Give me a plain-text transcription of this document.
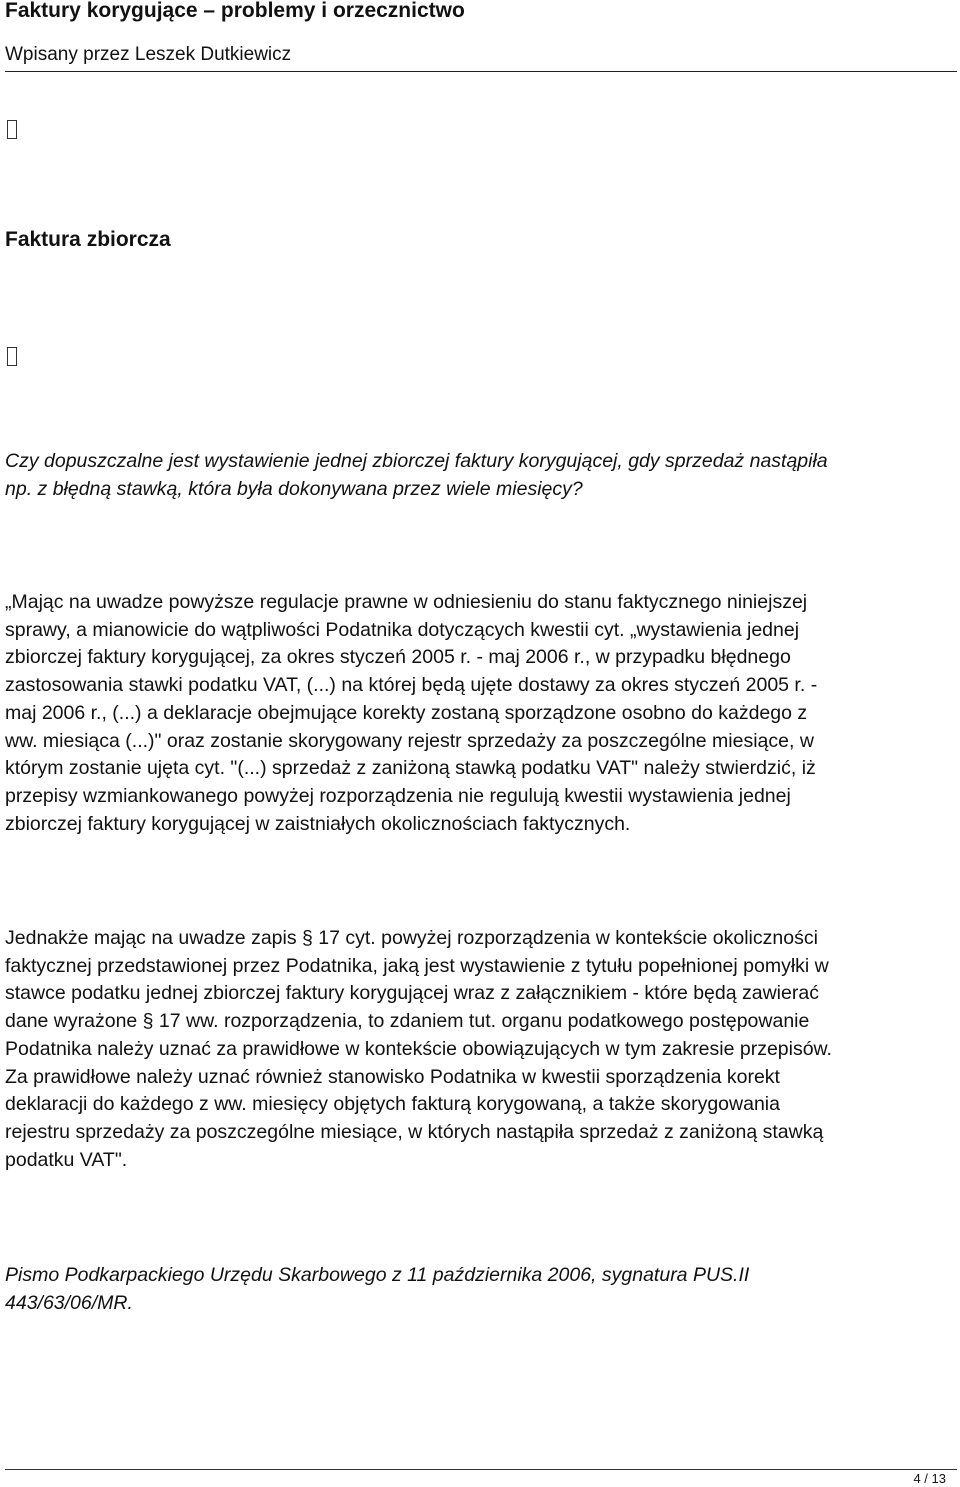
Faktury korygujące – problemy i orzecznictwo
Wpisany przez Leszek Dutkiewicz
Faktura zbiorcza
Czy dopuszczalne jest wystawienie jednej zbiorczej faktury korygującej, gdy sprzedaż nastąpiła
np. z błędną stawką, która była dokonywana przez wiele miesięcy?
„Mając na uwadze powyższe regulacje prawne w odniesieniu do stanu faktycznego niniejszej
sprawy, a mianowicie do wątpliwości Podatnika dotyczących kwestii cyt. „wystawienia jednej
zbiorczej faktury korygującej, za okres styczeń 2005 r. - maj 2006 r., w przypadku błędnego
zastosowania stawki podatku VAT, (...) na której będą ujęte dostawy za okres styczeń 2005 r. -
maj 2006 r., (...) a deklaracje obejmujące korekty zostaną sporządzone osobno do każdego z
ww. miesiąca (...)" oraz zostanie skorygowany rejestr sprzedaży za poszczególne miesiące, w
którym zostanie ujęta cyt. "(...) sprzedaż z zaniżoną stawką podatku VAT" należy stwierdzić, iż
przepisy wzmiankowanego powyżej rozporządzenia nie regulują kwestii wystawienia jednej
zbiorczej faktury korygującej w zaistniałych okolicznościach faktycznych.
Jednakże mając na uwadze zapis § 17 cyt. powyżej rozporządzenia w kontekście okoliczności
faktycznej przedstawionej przez Podatnika, jaką jest wystawienie z tytułu popełnionej pomyłki w
stawce podatku jednej zbiorczej faktury korygującej wraz z załącznikiem - które będą zawierać
dane wyrażone § 17 ww. rozporządzenia, to zdaniem tut. organu podatkowego postępowanie
Podatnika należy uznać za prawidłowe w kontekście obowiązujących w tym zakresie przepisów.
Za prawidłowe należy uznać również stanowisko Podatnika w kwestii sporządzenia korekt
deklaracji do każdego z ww. miesięcy objętych fakturą korygowaną, a także skorygowania
rejestru sprzedaży za poszczególne miesiące, w których nastąpiła sprzedaż z zaniżoną stawką
podatku VAT".
Pismo Podkarpackiego Urzędu Skarbowego z 11 października 2006, sygnatura PUS.II
443/63/06/MR.
4 / 13
